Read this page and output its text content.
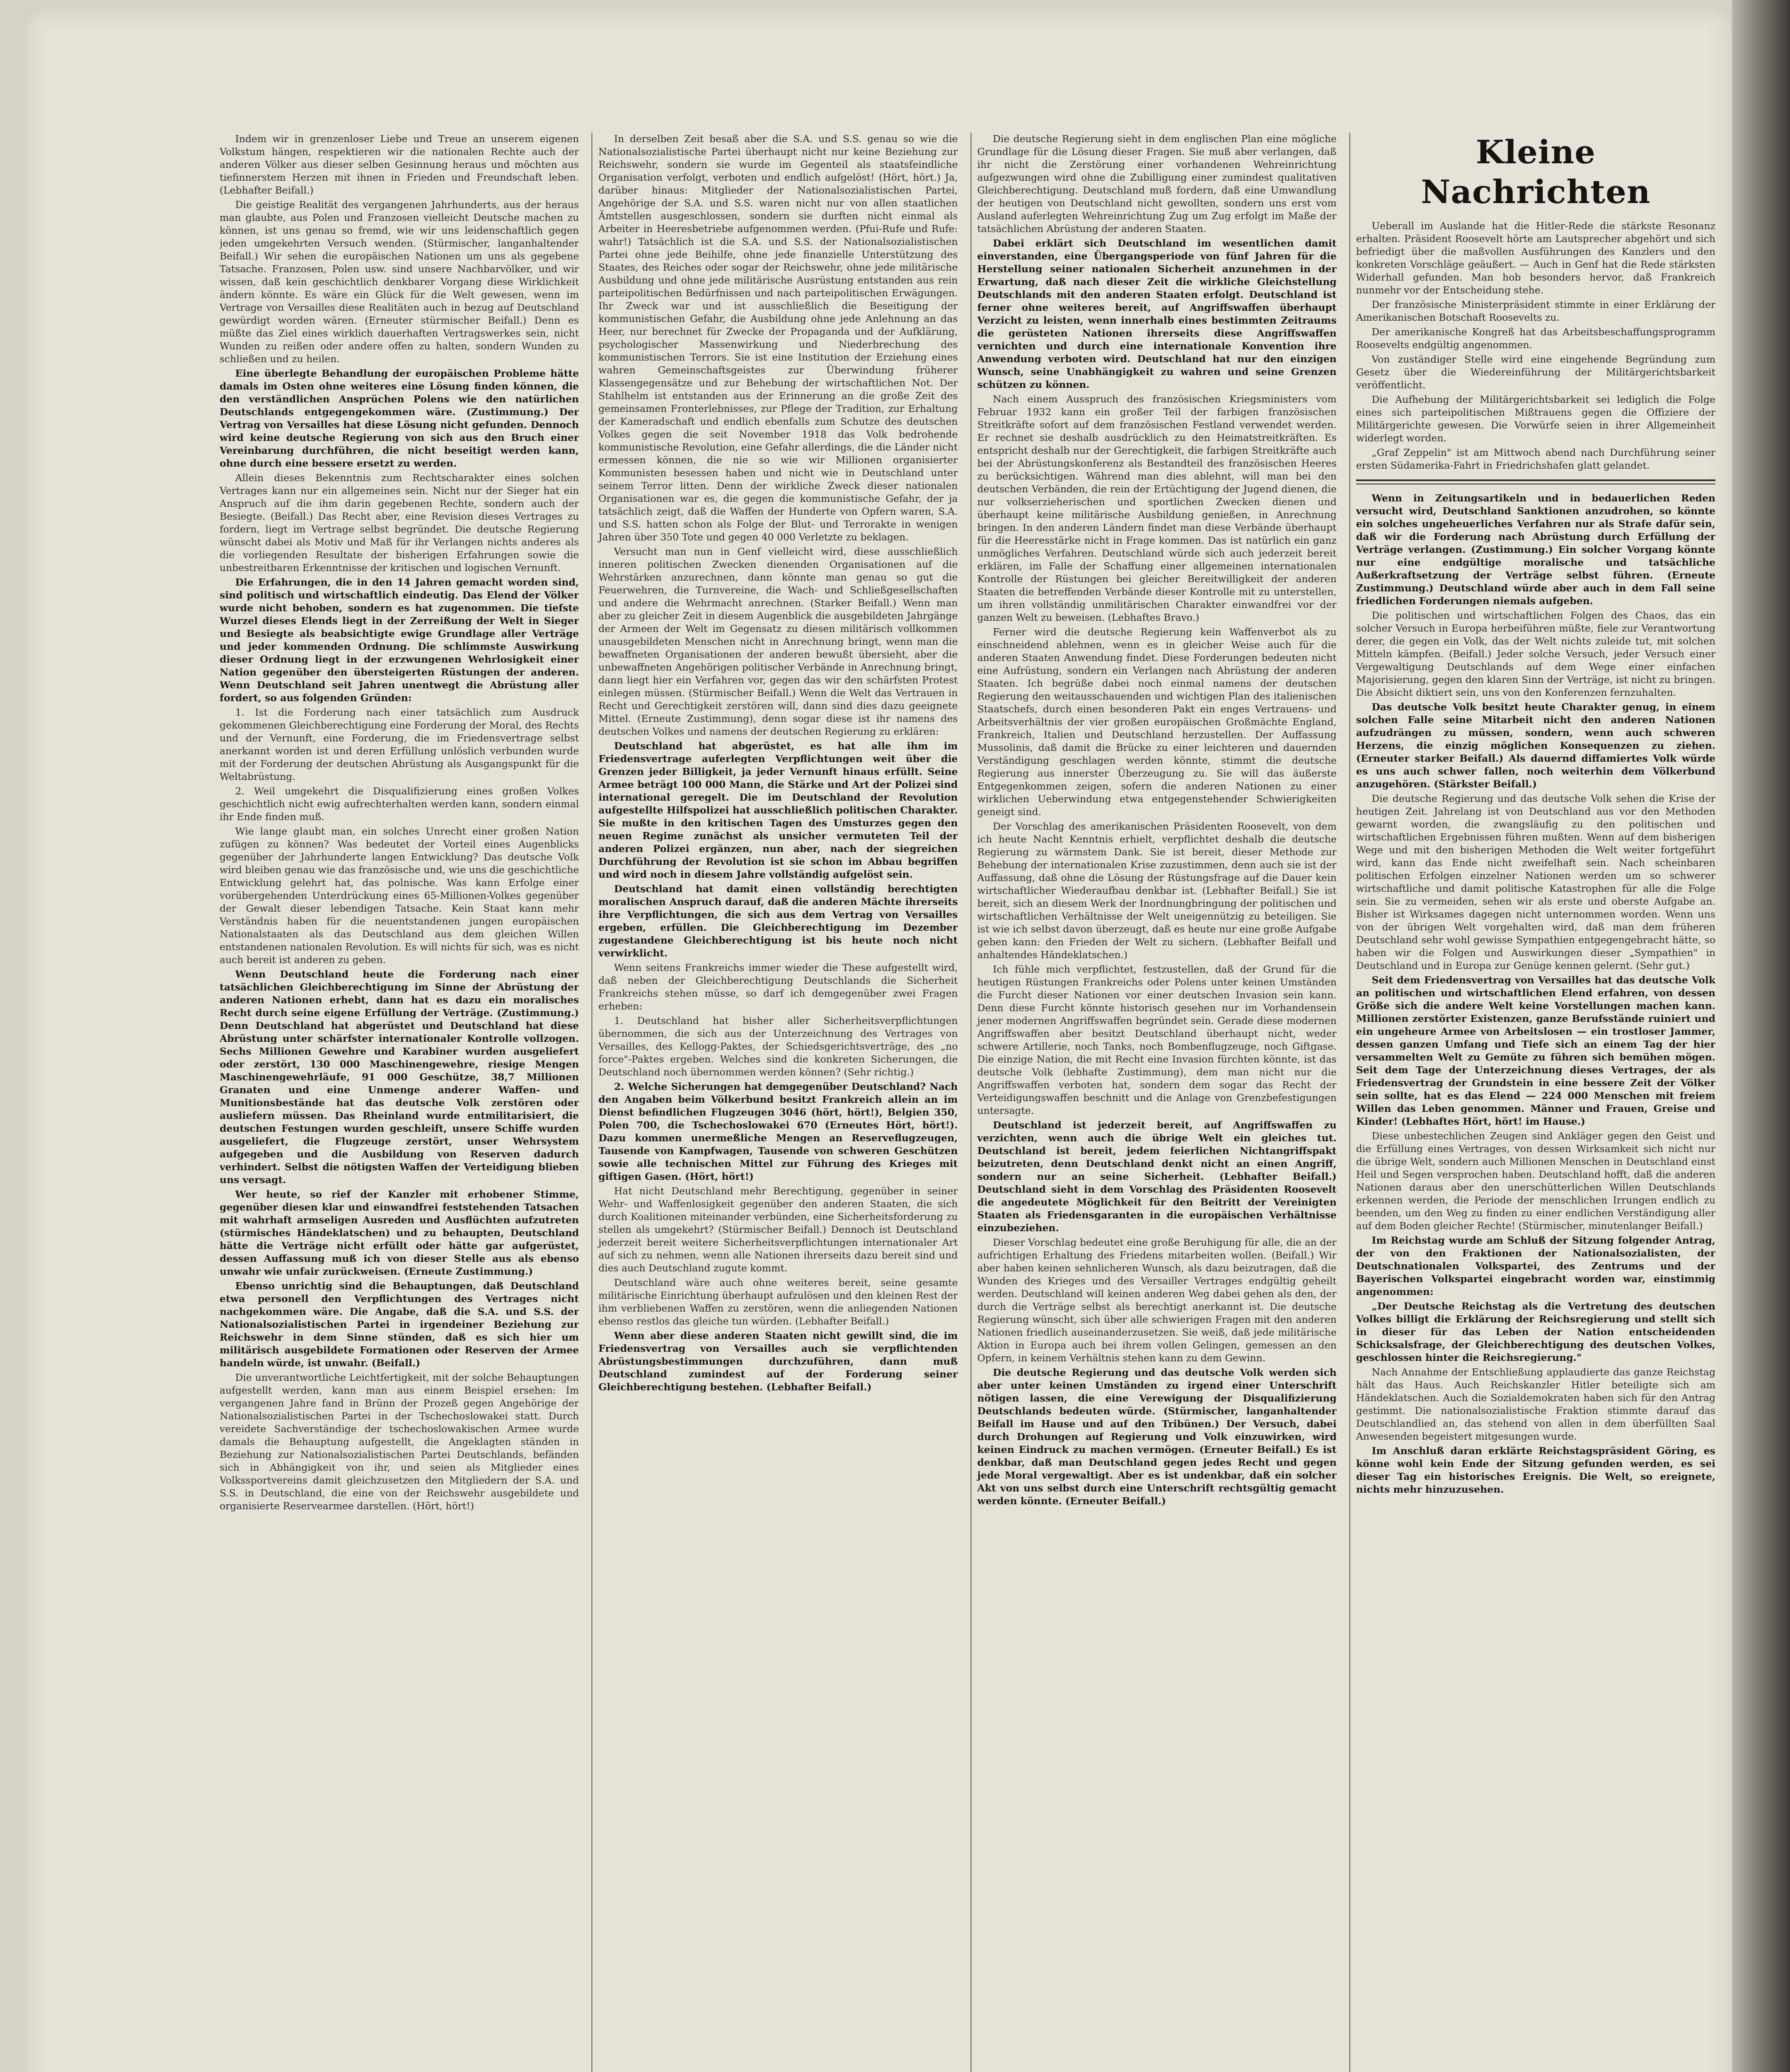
Indem wir in grenzenloser Liebe und Treue an unserem eigenen Volkstum hängen, respektieren wir die nationalen Rechte auch der anderen Völker aus dieser selben Gesinnung heraus und möchten aus tiefinnerstem Herzen mit ihnen in Frieden und Freundschaft leben. (Lebhafter Beifall.)

Die geistige Realität des vergangenen Jahrhunderts, aus der heraus man glaubte, aus Polen und Franzosen vielleicht Deutsche machen zu können, ist uns genau so fremd, wie wir uns leidenschaftlich gegen jeden umgekehrten Versuch wenden. (Stürmischer, langanhaltender Beifall.) Wir sehen die europäischen Nationen um uns als gegebene Tatsache. Franzosen, Polen usw. sind unsere Nachbarvölker, und wir wissen, daß kein geschichtlich denkbarer Vorgang diese Wirklichkeit ändern könnte. Es wäre ein Glück für die Welt gewesen, wenn im Vertrage von Versailles diese Realitäten auch in bezug auf Deutschland gewürdigt worden wären. (Erneuter stürmischer Beifall.) Denn es müßte das Ziel eines wirklich dauerhaften Vertragswerkes sein, nicht Wunden zu reißen oder andere offen zu halten, sondern Wunden zu schließen und zu heilen.

Eine überlegte Behandlung der europäischen Probleme hätte damals im Osten ohne weiteres eine Lösung finden können, die den verständlichen Ansprüchen Polens wie den natürlichen Deutschlands entgegengekommen wäre. (Zustimmung.) Der Vertrag von Versailles hat diese Lösung nicht gefunden. Dennoch wird keine deutsche Regierung von sich aus den Bruch einer Vereinbarung durchführen, die nicht beseitigt werden kann, ohne durch eine bessere ersetzt zu werden.

Allein dieses Bekenntnis zum Rechtscharakter eines solchen Vertrages kann nur ein allgemeines sein. Nicht nur der Sieger hat ein Anspruch auf die ihm darin gegebenen Rechte, sondern auch der Besiegte. (Beifall.) Das Recht aber, eine Revision dieses Vertrages zu fordern, liegt im Vertrage selbst begründet. Die deutsche Regierung wünscht dabei als Motiv und Maß für ihr Verlangen nichts anderes als die vorliegenden Resultate der bisherigen Erfahrungen sowie die unbestreitbaren Erkenntnisse der kritischen und logischen Vernunft.

Die Erfahrungen, die in den 14 Jahren gemacht worden sind, sind politisch und wirtschaftlich eindeutig. Das Elend der Völker wurde nicht behoben, sondern es hat zugenommen. Die tiefste Wurzel dieses Elends liegt in der Zerreißung der Welt in Sieger und Besiegte als beabsichtigte ewige Grundlage aller Verträge und jeder kommenden Ordnung. Die schlimmste Auswirkung dieser Ordnung liegt in der erzwungenen Wehrlosigkeit einer Nation gegenüber den übersteigerten Rüstungen der anderen. Wenn Deutschland seit Jahren unentwegt die Abrüstung aller fordert, so aus folgenden Gründen:

1. Ist die Forderung nach einer tatsächlich zum Ausdruck gekommenen Gleichberechtigung eine Forderung der Moral, des Rechts und der Vernunft, eine Forderung, die im Friedensvertrage selbst anerkannt worden ist und deren Erfüllung unlöslich verbunden wurde mit der Forderung der deutschen Abrüstung als Ausgangspunkt für die Weltabrüstung.

2. Weil umgekehrt die Disqualifizierung eines großen Volkes geschichtlich nicht ewig aufrechterhalten werden kann, sondern einmal ihr Ende finden muß.

Wie lange glaubt man, ein solches Unrecht einer großen Nation zufügen zu können? Was bedeutet der Vorteil eines Augenblicks gegenüber der Jahrhunderte langen Entwicklung? Das deutsche Volk wird bleiben genau wie das französische und, wie uns die geschichtliche Entwicklung gelehrt hat, das polnische. Was kann Erfolge einer vorübergehenden Unterdrückung eines 65-Millionen-Volkes gegenüber der Gewalt dieser lebendigen Tatsache. Kein Staat kann mehr Verständnis haben für die neuentstandenen jungen europäischen Nationalstaaten als das Deutschland aus dem gleichen Willen entstandenen nationalen Revolution. Es will nichts für sich, was es nicht auch bereit ist anderen zu geben.

Wenn Deutschland heute die Forderung nach einer tatsächlichen Gleichberechtigung im Sinne der Abrüstung der anderen Nationen erhebt, dann hat es dazu ein moralisches Recht durch seine eigene Erfüllung der Verträge. (Zustimmung.) Denn Deutschland hat abgerüstet und Deutschland hat diese Abrüstung unter schärfster internationaler Kontrolle vollzogen. Sechs Millionen Gewehre und Karabiner wurden ausgeliefert oder zerstört, 130 000 Maschinengewehre, riesige Mengen Maschinengewehrläufe, 91 000 Geschütze, 38,7 Millionen Granaten und eine Unmenge anderer Waffen- und Munitionsbestände hat das deutsche Volk zerstören oder ausliefern müssen. Das Rheinland wurde entmilitarisiert, die deutschen Festungen wurden geschleift, unsere Schiffe wurden ausgeliefert, die Flugzeuge zerstört, unser Wehrsystem aufgegeben und die Ausbildung von Reserven dadurch verhindert. Selbst die nötigsten Waffen der Verteidigung blieben uns versagt.

Wer heute, so rief der Kanzler mit erhobener Stimme, gegenüber diesen klar und einwandfrei feststehenden Tatsachen mit wahrhaft armseligen Ausreden und Ausflüchten aufzutreten (stürmisches Händeklatschen) und zu behaupten, Deutschland hätte die Verträge nicht erfüllt oder hätte gar aufgerüstet, dessen Auffassung muß ich von dieser Stelle aus als ebenso unwahr wie unfair zurückweisen. (Erneute Zustimmung.)

Ebenso unrichtig sind die Behauptungen, daß Deutschland etwa personell den Verpflichtungen des Vertrages nicht nachgekommen wäre. Die Angabe, daß die S.A. und S.S. der Nationalsozialistischen Partei in irgendeiner Beziehung zur Reichswehr in dem Sinne stünden, daß es sich hier um militärisch ausgebildete Formationen oder Reserven der Armee handeln würde, ist unwahr. (Beifall.)

Die unverantwortliche Leichtfertigkeit, mit der solche Behauptungen aufgestellt werden, kann man aus einem Beispiel ersehen: Im vergangenen Jahre fand in Brünn der Prozeß gegen Angehörige der Nationalsozialistischen Partei in der Tschechoslowakei statt. Durch vereidete Sachverständige der tschechoslowakischen Armee wurde damals die Behauptung aufgestellt, die Angeklagten ständen in Beziehung zur Nationalsozialistischen Partei Deutschlands, befänden sich in Abhängigkeit von ihr, und seien als Mitglieder eines Volkssportvereins damit gleichzusetzen den Mitgliedern der S.A. und S.S. in Deutschland, die eine von der Reichswehr ausgebildete und organisierte Reservearmee darstellen. (Hört, hört!)

In derselben Zeit besaß aber die S.A. und S.S. genau so wie die Nationalsozialistische Partei überhaupt nicht nur keine Beziehung zur Reichswehr, sondern sie wurde im Gegenteil als staatsfeindliche Organisation verfolgt, verboten und endlich aufgelöst! (Hört, hört.) Ja, darüber hinaus: Mitglieder der Nationalsozialistischen Partei, Angehörige der S.A. und S.S. waren nicht nur von allen staatlichen Ämtstellen ausgeschlossen, sondern sie durften nicht einmal als Arbeiter in Heeresbetriebe aufgenommen werden. (Pfui-Rufe und Rufe: wahr!) Tatsächlich ist die S.A. und S.S. der Nationalsozialistischen Partei ohne jede Beihilfe, ohne jede finanzielle Unterstützung des Staates, des Reiches oder sogar der Reichswehr, ohne jede militärische Ausbildung und ohne jede militärische Ausrüstung entstanden aus rein parteipolitischen Bedürfnissen und nach parteipolitischen Erwägungen. Ihr Zweck war und ist ausschließlich die Beseitigung der kommunistischen Gefahr, die Ausbildung ohne jede Anlehnung an das Heer, nur berechnet für Zwecke der Propaganda und der Aufklärung, psychologischer Massenwirkung und Niederbrechung des kommunistischen Terrors. Sie ist eine Institution der Erziehung eines wahren Gemeinschaftsgeistes zur Überwindung früherer Klassengegensätze und zur Behebung der wirtschaftlichen Not. Der Stahlhelm ist entstanden aus der Erinnerung an die große Zeit des gemeinsamen Fronterlebnisses, zur Pflege der Tradition, zur Erhaltung der Kameradschaft und endlich ebenfalls zum Schutze des deutschen Volkes gegen die seit November 1918 das Volk bedrohende kommunistische Revolution, eine Gefahr allerdings, die die Länder nicht ermessen können, die nie so wie wir Millionen organisierter Kommunisten besessen haben und nicht wie in Deutschland unter seinem Terror litten. Denn der wirkliche Zweck dieser nationalen Organisationen war es, die gegen die kommunistische Gefahr, der ja tatsächlich zeigt, daß die Waffen der Hunderte von Opfern waren, S.A. und S.S. hatten schon als Folge der Blut- und Terrorakte in wenigen Jahren über 350 Tote und gegen 40 000 Verletzte zu beklagen.

Versucht man nun in Genf vielleicht wird, diese ausschließlich inneren politischen Zwecken dienenden Organisationen auf die Wehrstärken anzurechnen, dann könnte man genau so gut die Feuerwehren, die Turnvereine, die Wach- und Schließgesellschaften und andere die Wehrmacht anrechnen. (Starker Beifall.) Wenn man aber zu gleicher Zeit in diesem Augenblick die ausgebildeten Jahrgänge der Armeen der Welt im Gegensatz zu diesen militärisch vollkommen unausgebildeten Menschen nicht in Anrechnung bringt, wenn man die bewaffneten Organisationen der anderen bewußt übersieht, aber die unbewaffneten Angehörigen politischer Verbände in Anrechnung bringt, dann liegt hier ein Verfahren vor, gegen das wir den schärfsten Protest einlegen müssen. (Stürmischer Beifall.) Wenn die Welt das Vertrauen in Recht und Gerechtigkeit zerstören will, dann sind dies dazu geeignete Mittel. (Erneute Zustimmung), denn sogar diese ist ihr namens des deutschen Volkes und namens der deutschen Regierung zu erklären:

Deutschland hat abgerüstet, es hat alle ihm im Friedensvertrage auferlegten Verpflichtungen weit über die Grenzen jeder Billigkeit, ja jeder Vernunft hinaus erfüllt. Seine Armee beträgt 100 000 Mann, die Stärke und Art der Polizei sind international geregelt. Die im Deutschland der Revolution aufgestellte Hilfspolizei hat ausschließlich politischen Charakter. Sie mußte in den kritischen Tagen des Umsturzes gegen den neuen Regime zunächst als unsicher vermuteten Teil der anderen Polizei ergänzen, nun aber, nach der siegreichen Durchführung der Revolution ist sie schon im Abbau begriffen und wird noch in diesem Jahre vollständig aufgelöst sein.

Deutschland hat damit einen vollständig berechtigten moralischen Anspruch darauf, daß die anderen Mächte ihrerseits ihre Verpflichtungen, die sich aus dem Vertrag von Versailles ergeben, erfüllen. Die Gleichberechtigung im Dezember zugestandene Gleichberechtigung ist bis heute noch nicht verwirklicht.

Wenn seitens Frankreichs immer wieder die These aufgestellt wird, daß neben der Gleichberechtigung Deutschlands die Sicherheit Frankreichs stehen müsse, so darf ich demgegenüber zwei Fragen erheben:

1. Deutschland hat bisher aller Sicherheitsverpflichtungen übernommen, die sich aus der Unterzeichnung des Vertrages von Versailles, des Kellogg-Paktes, der Schiedsgerichtsverträge, des „no force"-Paktes ergeben. Welches sind die konkreten Sicherungen, die Deutschland noch übernommen werden können? (Sehr richtig.)

2. Welche Sicherungen hat demgegenüber Deutschland? Nach den Angaben beim Völkerbund besitzt Frankreich allein an im Dienst befindlichen Flugzeugen 3046 (hört, hört!), Belgien 350, Polen 700, die Tschechoslowakei 670 (Erneutes Hört, hört!). Dazu kommen unermeßliche Mengen an Reserveflugzeugen, Tausende von Kampfwagen, Tausende von schweren Geschützen sowie alle technischen Mittel zur Führung des Krieges mit giftigen Gasen. (Hört, hört!)

Hat nicht Deutschland mehr Berechtigung, gegenüber in seiner Wehr- und Waffenlosigkeit gegenüber den anderen Staaten, die sich durch Koalitionen miteinander verbünden, eine Sicherheitsforderung zu stellen als umgekehrt? (Stürmischer Beifall.) Dennoch ist Deutschland jederzeit bereit weitere Sicherheitsverpflichtungen internationaler Art auf sich zu nehmen, wenn alle Nationen ihrerseits dazu bereit sind und dies auch Deutschland zugute kommt.

Deutschland wäre auch ohne weiteres bereit, seine gesamte militärische Einrichtung überhaupt aufzulösen und den kleinen Rest der ihm verbliebenen Waffen zu zerstören, wenn die anliegenden Nationen ebenso restlos das gleiche tun würden. (Lebhafter Beifall.)

Wenn aber diese anderen Staaten nicht gewillt sind, die im Friedensvertrag von Versailles auch sie verpflichtenden Abrüstungsbestimmungen durchzuführen, dann muß Deutschland zumindest auf der Forderung seiner Gleichberechtigung bestehen. (Lebhafter Beifall.)

Die deutsche Regierung sieht in dem englischen Plan eine mögliche Grundlage für die Lösung dieser Fragen. Sie muß aber verlangen, daß ihr nicht die Zerstörung einer vorhandenen Wehreinrichtung aufgezwungen wird ohne die Zubilligung einer zumindest qualitativen Gleichberechtigung. Deutschland muß fordern, daß eine Umwandlung der heutigen von Deutschland nicht gewollten, sondern uns erst vom Ausland auferlegten Wehreinrichtung Zug um Zug erfolgt im Maße der tatsächlichen Abrüstung der anderen Staaten.

Dabei erklärt sich Deutschland im wesentlichen damit einverstanden, eine Übergangsperiode von fünf Jahren für die Herstellung seiner nationalen Sicherheit anzunehmen in der Erwartung, daß nach dieser Zeit die wirkliche Gleichstellung Deutschlands mit den anderen Staaten erfolgt. Deutschland ist ferner ohne weiteres bereit, auf Angriffswaffen überhaupt Verzicht zu leisten, wenn innerhalb eines bestimmten Zeitraums die gerüsteten Nationen ihrerseits diese Angriffswaffen vernichten und durch eine internationale Konvention ihre Anwendung verboten wird. Deutschland hat nur den einzigen Wunsch, seine Unabhängigkeit zu wahren und seine Grenzen schützen zu können.

Nach einem Ausspruch des französischen Kriegsministers vom Februar 1932 kann ein großer Teil der farbigen französischen Streitkräfte sofort auf dem französischen Festland verwendet werden. Er rechnet sie deshalb ausdrücklich zu den Heimatstreitkräften. Es entspricht deshalb nur der Gerechtigkeit, die farbigen Streitkräfte auch bei der Abrüstungskonferenz als Bestandteil des französischen Heeres zu berücksichtigen. Während man dies ablehnt, will man bei den deutschen Verbänden, die rein der Ertüchtigung der Jugend dienen, die nur volkserzieherischen und sportlichen Zwecken dienen und überhaupt keine militärische Ausbildung genießen, in Anrechnung bringen. In den anderen Ländern findet man diese Verbände überhaupt für die Heeresstärke nicht in Frage kommen. Das ist natürlich ein ganz unmögliches Verfahren. Deutschland würde sich auch jederzeit bereit erklären, im Falle der Schaffung einer allgemeinen internationalen Kontrolle der Rüstungen bei gleicher Bereitwilligkeit der anderen Staaten die betreffenden Verbände dieser Kontrolle mit zu unterstellen, um ihren vollständig unmilitärischen Charakter einwandfrei vor der ganzen Welt zu beweisen. (Lebhaftes Bravo.)

Ferner wird die deutsche Regierung kein Waffenverbot als zu einschneidend ablehnen, wenn es in gleicher Weise auch für die anderen Staaten Anwendung findet. Diese Forderungen bedeuten nicht eine Aufrüstung, sondern ein Verlangen nach Abrüstung der anderen Staaten. Ich begrüße dabei noch einmal namens der deutschen Regierung den weitausschauenden und wichtigen Plan des italienischen Staatschefs, durch einen besonderen Pakt ein enges Vertrauens- und Arbeitsverhältnis der vier großen europäischen Großmächte England, Frankreich, Italien und Deutschland herzustellen. Der Auffassung Mussolinis, daß damit die Brücke zu einer leichteren und dauernden Verständigung geschlagen werden könnte, stimmt die deutsche Regierung aus innerster Überzeugung zu. Sie will das äußerste Entgegenkommen zeigen, sofern die anderen Nationen zu einer wirklichen Ueberwindung etwa entgegenstehender Schwierigkeiten geneigt sind.

Der Vorschlag des amerikanischen Präsidenten Roosevelt, von dem ich heute Nacht Kenntnis erhielt, verpflichtet deshalb die deutsche Regierung zu wärmstem Dank. Sie ist bereit, dieser Methode zur Behebung der internationalen Krise zuzustimmen, denn auch sie ist der Auffassung, daß ohne die Lösung der Rüstungsfrage auf die Dauer kein wirtschaftlicher Wiederaufbau denkbar ist. (Lebhafter Beifall.) Sie ist bereit, sich an diesem Werk der Inordnungbringung der politischen und wirtschaftlichen Verhältnisse der Welt uneigennützig zu beteiligen. Sie ist wie ich selbst davon überzeugt, daß es heute nur eine große Aufgabe geben kann: den Frieden der Welt zu sichern. (Lebhafter Beifall und anhaltendes Händeklatschen.)

Ich fühle mich verpflichtet, festzustellen, daß der Grund für die heutigen Rüstungen Frankreichs oder Polens unter keinen Umständen die Furcht dieser Nationen vor einer deutschen Invasion sein kann. Denn diese Furcht könnte historisch gesehen nur im Vorhandensein jener modernen Angriffswaffen begründet sein. Gerade diese modernen Angriffswaffen aber besitzt Deutschland überhaupt nicht, weder schwere Artillerie, noch Tanks, noch Bombenflugzeuge, noch Giftgase. Die einzige Nation, die mit Recht eine Invasion fürchten könnte, ist das deutsche Volk (lebhafte Zustimmung), dem man nicht nur die Angriffswaffen verboten hat, sondern dem sogar das Recht der Verteidigungswaffen beschnitt und die Anlage von Grenzbefestigungen untersagte.

Deutschland ist jederzeit bereit, auf Angriffswaffen zu verzichten, wenn auch die übrige Welt ein gleiches tut. Deutschland ist bereit, jedem feierlichen Nichtangriffspakt beizutreten, denn Deutschland denkt nicht an einen Angriff, sondern nur an seine Sicherheit. (Lebhafter Beifall.) Deutschland sieht in dem Vorschlag des Präsidenten Roosevelt die angedeutete Möglichkeit für den Beitritt der Vereinigten Staaten als Friedensgaranten in die europäischen Verhältnisse einzubeziehen.

Dieser Vorschlag bedeutet eine große Beruhigung für alle, die an der aufrichtigen Erhaltung des Friedens mitarbeiten wollen. (Beifall.) Wir aber haben keinen sehnlicheren Wunsch, als dazu beizutragen, daß die Wunden des Krieges und des Versailler Vertrages endgültig geheilt werden. Deutschland will keinen anderen Weg dabei gehen als den, der durch die Verträge selbst als berechtigt anerkannt ist. Die deutsche Regierung wünscht, sich über alle schwierigen Fragen mit den anderen Nationen friedlich auseinanderzusetzen. Sie weiß, daß jede militärische Aktion in Europa auch bei ihrem vollen Gelingen, gemessen an den Opfern, in keinem Verhältnis stehen kann zu dem Gewinn.

Die deutsche Regierung und das deutsche Volk werden sich aber unter keinen Umständen zu irgend einer Unterschrift nötigen lassen, die eine Verewigung der Disqualifizierung Deutschlands bedeuten würde. (Stürmischer, langanhaltender Beifall im Hause und auf den Tribünen.) Der Versuch, dabei durch Drohungen auf Regierung und Volk einzuwirken, wird keinen Eindruck zu machen vermögen. (Erneuter Beifall.) Es ist denkbar, daß man Deutschland gegen jedes Recht und gegen jede Moral vergewaltigt. Aber es ist undenkbar, daß ein solcher Akt von uns selbst durch eine Unterschrift rechtsgültig gemacht werden könnte. (Erneuter Beifall.)

Kleine Nachrichten

Ueberall im Auslande hat die Hitler-Rede die stärkste Resonanz erhalten. Präsident Roosevelt hörte am Lautsprecher abgehört und sich befriedigt über die maßvollen Ausführungen des Kanzlers und den konkreten Vorschläge geäußert. — Auch in Genf hat die Rede stärksten Widerhall gefunden. Man hob besonders hervor, daß Frankreich nunmehr vor der Entscheidung stehe.

Der französische Ministerpräsident stimmte in einer Erklärung der Amerikanischen Botschaft Roosevelts zu.

Der amerikanische Kongreß hat das Arbeitsbeschaffungsprogramm Roosevelts endgültig angenommen.

Von zuständiger Stelle wird eine eingehende Begründung zum Gesetz über die Wiedereinführung der Militärgerichtsbarkeit veröffentlicht.

Die Aufhebung der Militärgerichtsbarkeit sei lediglich die Folge eines sich parteipolitischen Mißtrauens gegen die Offiziere der Militärgerichte gewesen. Die Vorwürfe seien in ihrer Allgemeinheit widerlegt worden.

„Graf Zeppelin" ist am Mittwoch abend nach Durchführung seiner ersten Südamerika-Fahrt in Friedrichshafen glatt gelandet.

Wenn in Zeitungsartikeln und in bedauerlichen Reden versucht wird, Deutschland Sanktionen anzudrohen, so könnte ein solches ungeheuerliches Verfahren nur als Strafe dafür sein, daß wir die Forderung nach Abrüstung durch Erfüllung der Verträge verlangen. (Zustimmung.) Ein solcher Vorgang könnte nur eine endgültige moralische und tatsächliche Außerkraftsetzung der Verträge selbst führen. (Erneute Zustimmung.) Deutschland würde aber auch in dem Fall seine friedlichen Forderungen niemals aufgeben.

Die politischen und wirtschaftlichen Folgen des Chaos, das ein solcher Versuch in Europa herbeiführen müßte, fiele zur Verantwortung derer, die gegen ein Volk, das der Welt nichts zuleide tut, mit solchen Mitteln kämpfen. (Beifall.) Jeder solche Versuch, jeder Versuch einer Vergewaltigung Deutschlands auf dem Wege einer einfachen Majorisierung, gegen den klaren Sinn der Verträge, ist nicht zu bringen. Die Absicht diktiert sein, uns von den Konferenzen fernzuhalten.

Das deutsche Volk besitzt heute Charakter genug, in einem solchen Falle seine Mitarbeit nicht den anderen Nationen aufzudrängen zu müssen, sondern, wenn auch schweren Herzens, die einzig möglichen Konsequenzen zu ziehen. (Erneuter starker Beifall.) Als dauernd diffamiertes Volk würde es uns auch schwer fallen, noch weiterhin dem Völkerbund anzugehören. (Stärkster Beifall.)

Die deutsche Regierung und das deutsche Volk sehen die Krise der heutigen Zeit. Jahrelang ist von Deutschland aus vor den Methoden gewarnt worden, die zwangsläufig zu den politischen und wirtschaftlichen Ergebnissen führen mußten. Wenn auf dem bisherigen Wege und mit den bisherigen Methoden die Welt weiter fortgeführt wird, kann das Ende nicht zweifelhaft sein. Nach scheinbaren politischen Erfolgen einzelner Nationen werden um so schwerer wirtschaftliche und damit politische Katastrophen für alle die Folge sein. Sie zu vermeiden, sehen wir als erste und oberste Aufgabe an. Bisher ist Wirksames dagegen nicht unternommen worden. Wenn uns von der übrigen Welt vorgehalten wird, daß man dem früheren Deutschland sehr wohl gewisse Sympathien entgegengebracht hätte, so haben wir die Folgen und Auswirkungen dieser „Sympathien" in Deutschland und in Europa zur Genüge kennen gelernt. (Sehr gut.)

Seit dem Friedensvertrag von Versailles hat das deutsche Volk an politischen und wirtschaftlichen Elend erfahren, von dessen Größe sich die andere Welt keine Vorstellungen machen kann. Millionen zerstörter Existenzen, ganze Berufsstände ruiniert und ein ungeheure Armee von Arbeitslosen — ein trostloser Jammer, dessen ganzen Umfang und Tiefe sich an einem Tag der hier versammelten Welt zu Gemüte zu führen sich bemühen mögen. Seit dem Tage der Unterzeichnung dieses Vertrages, der als Friedensvertrag der Grundstein in eine bessere Zeit der Völker sein sollte, hat es das Elend — 224 000 Menschen mit freiem Willen das Leben genommen. Männer und Frauen, Greise und Kinder! (Lebhaftes Hört, hört! im Hause.)

Diese unbestechlichen Zeugen sind Ankläger gegen den Geist und die Erfüllung eines Vertrages, von dessen Wirksamkeit sich nicht nur die übrige Welt, sondern auch Millionen Menschen in Deutschland einst Heil und Segen versprochen haben. Deutschland hofft, daß die anderen Nationen daraus aber den unerschütterlichen Willen Deutschlands erkennen werden, die Periode der menschlichen Irrungen endlich zu beenden, um den Weg zu finden zu einer endlichen Verständigung aller auf dem Boden gleicher Rechte! (Stürmischer, minutenlanger Beifall.)

Im Reichstag wurde am Schluß der Sitzung folgender Antrag, der von den Fraktionen der Nationalsozialisten, der Deutschnationalen Volkspartei, des Zentrums und der Bayerischen Volkspartei eingebracht worden war, einstimmig angenommen:

„Der Deutsche Reichstag als die Vertretung des deutschen Volkes billigt die Erklärung der Reichsregierung und stellt sich in dieser für das Leben der Nation entscheidenden Schicksalsfrage, der Gleichberechtigung des deutschen Volkes, geschlossen hinter die Reichsregierung."

Nach Annahme der Entschließung applaudierte das ganze Reichstag hält das Haus. Auch Reichskanzler Hitler beteiligte sich am Händeklatschen. Auch die Sozialdemokraten haben sich für den Antrag gestimmt. Die nationalsozialistische Fraktion stimmte darauf das Deutschlandlied an, das stehend von allen in dem überfüllten Saal Anwesenden begeistert mitgesungen wurde.

Im Anschluß daran erklärte Reichstagspräsident Göring, es könne wohl kein Ende der Sitzung gefunden werden, es sei dieser Tag ein historisches Ereignis. Die Welt, so ereignete, nichts mehr hinzuzusehen.
